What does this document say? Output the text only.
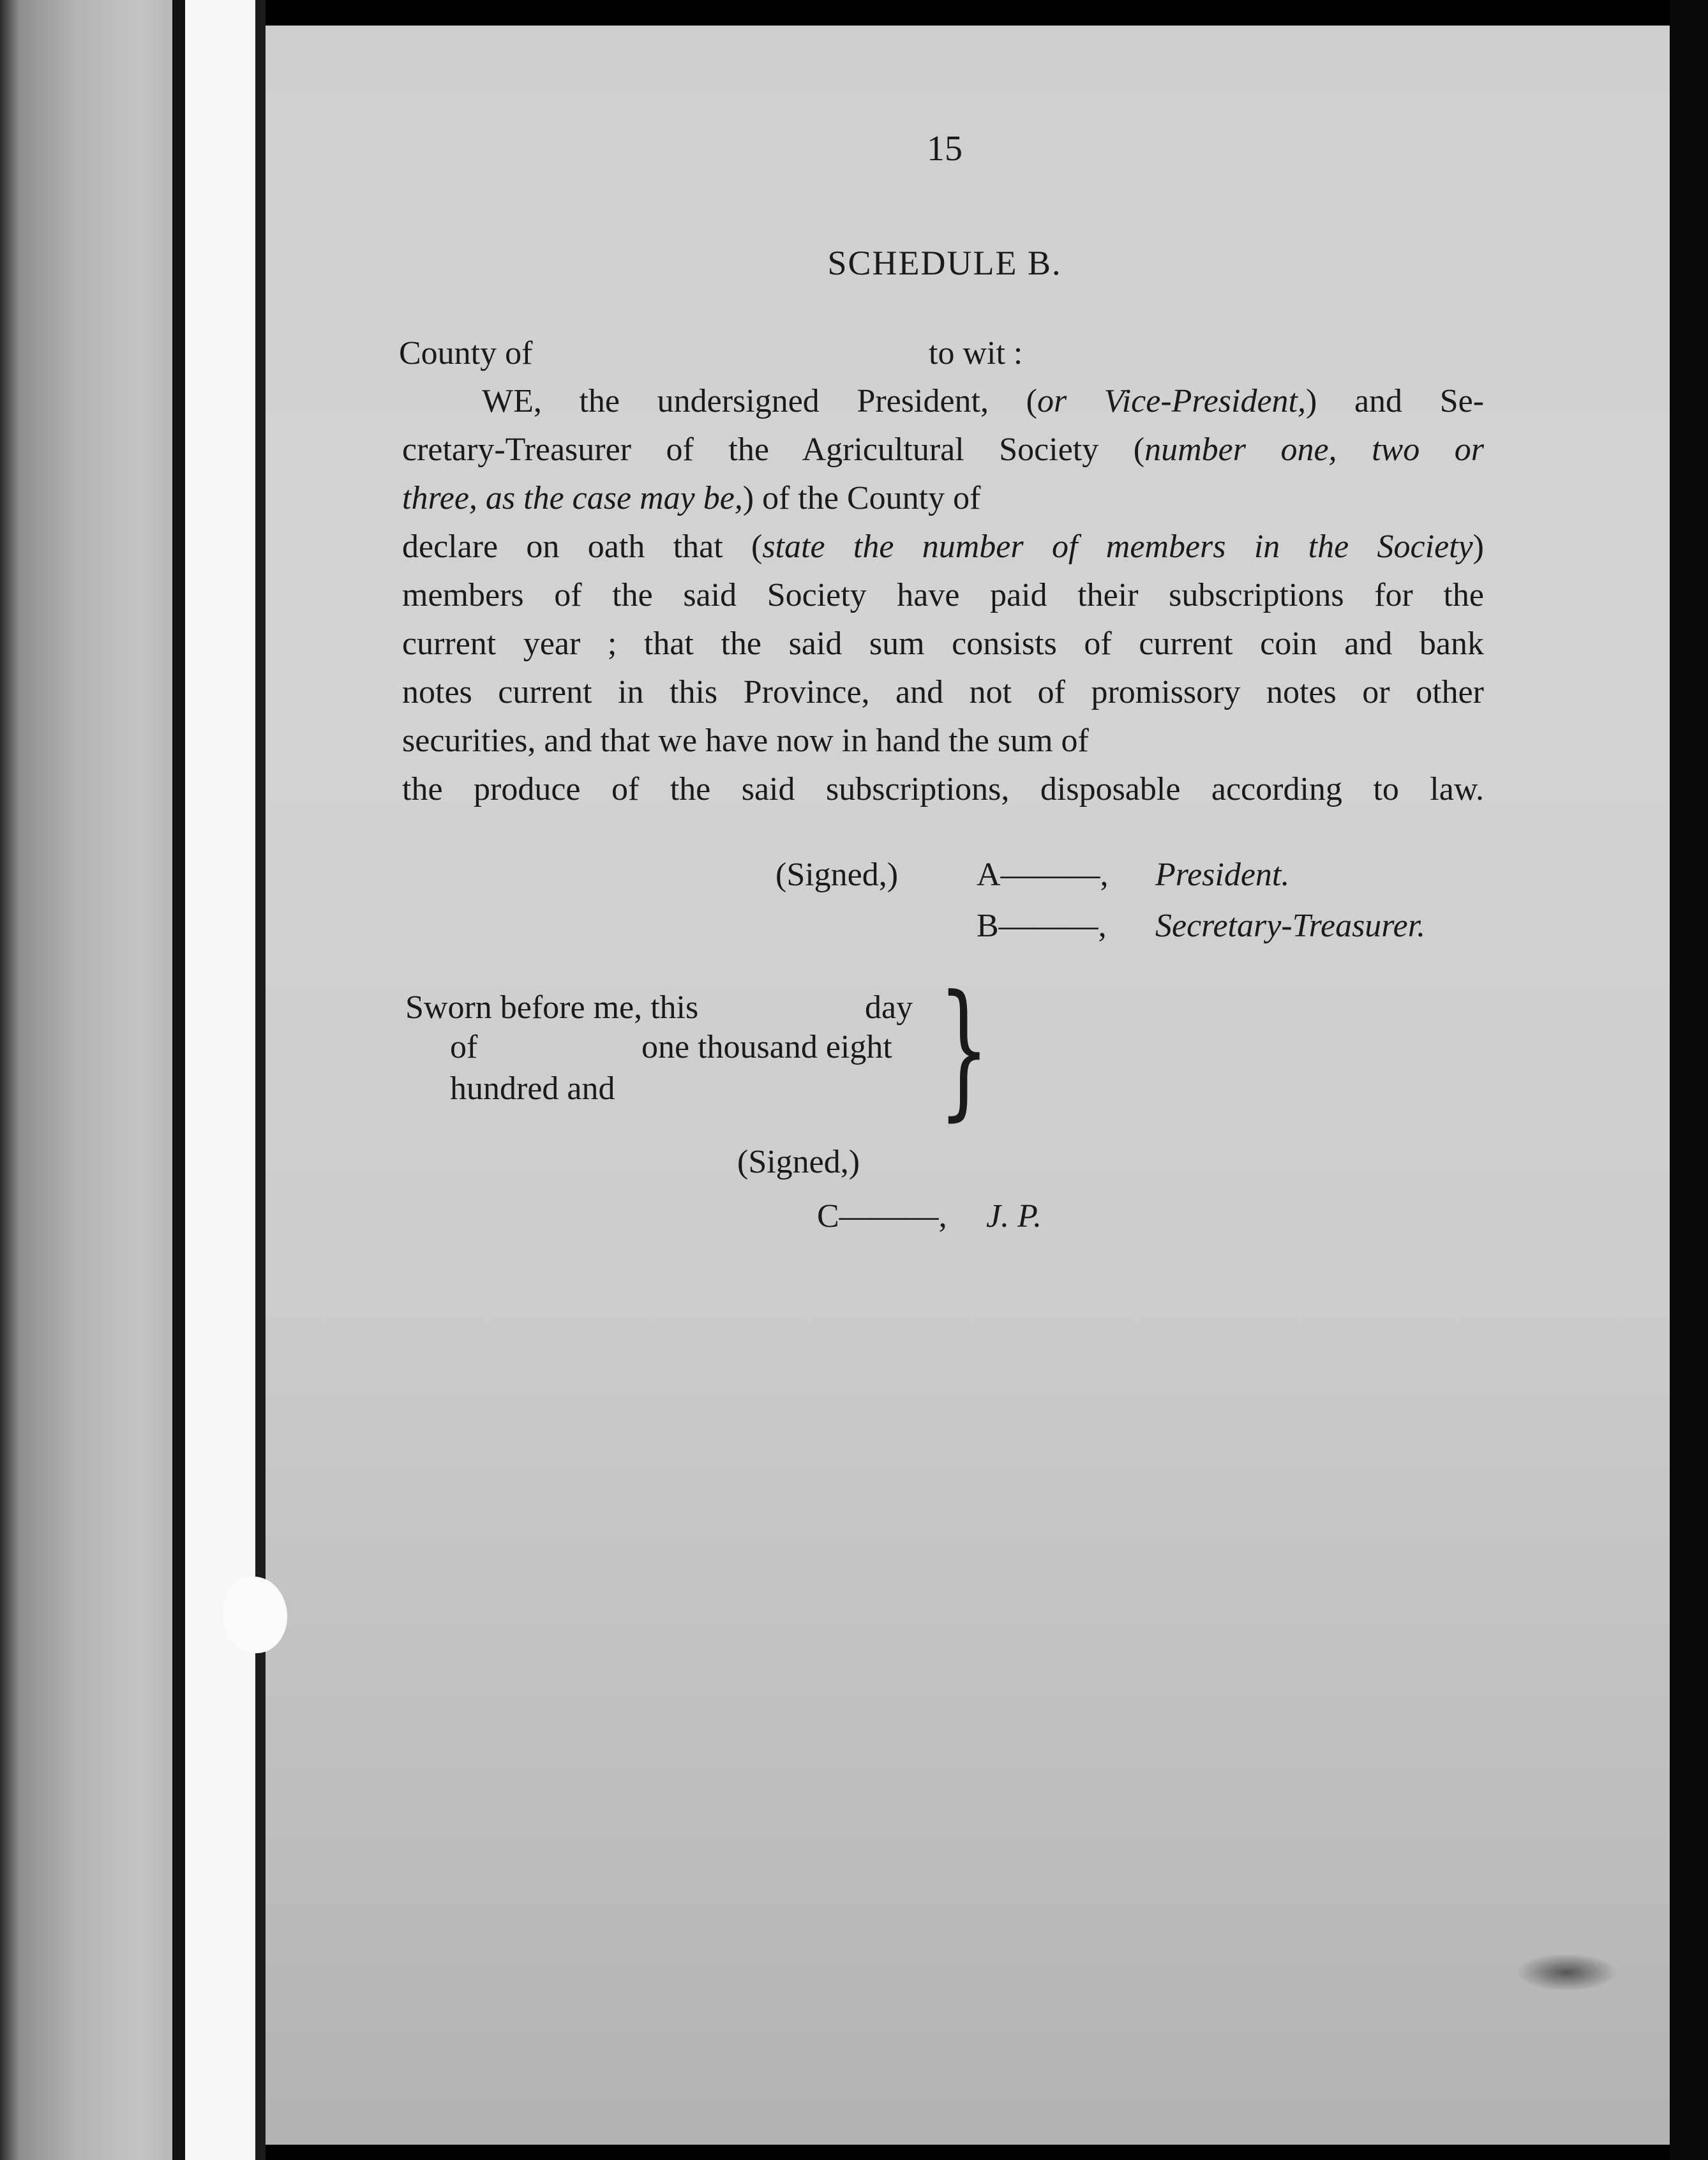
15
SCHEDULE B.
County of	to wit :
WE, the undersigned President, (or Vice-President,) and Se-
cretary-Treasurer of the Agricultural Society (number one, two or
three, as the case may be,) of the County of
declare on oath that (state the number of members in the Society)
members of the said Society have paid their subscriptions for the
current year ; that the said sum consists of current coin and bank
notes current in this Province, and not of promissory notes or other
securities, and that we have now in hand the sum of
the produce of the said subscriptions, disposable according to law.
(Signed,) A———, President.
B———, Secretary-Treasurer.
Sworn before me, this	day
of	one thousand eight
hundred and }
(Signed,)
C———, J. P.
